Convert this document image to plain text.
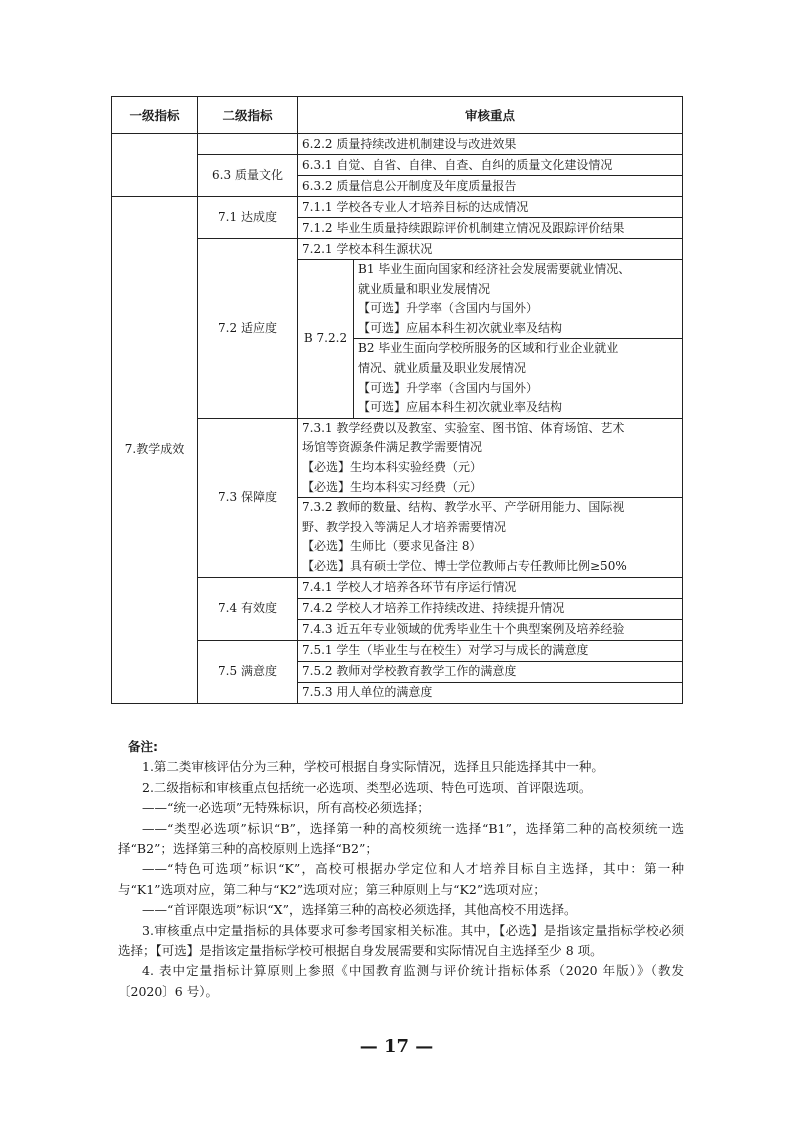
一级指标	二级指标	审核重点	
		6.2.2 质量持续改进机制建设与改进效果	
	6.3 质量文化	6.3.1 自觉、自省、自律、自查、自纠的质量文化建设情况	
		6.3.2 质量信息公开制度及年度质量报告	
7.教学成效	7.1 达成度	7.1.1 学校各专业人才培养目标的达成情况	
		7.1.2 毕业生质量持续跟踪评价机制建立情况及跟踪评价结果	
	7.2 适应度	7.2.1 学校本科生源状况	
		B 7.2.2	B1 毕业生面向国家和经济社会发展需要就业情况、
就业质量和职业发展情况
【可选】升学率（含国内与国外）
【可选】应届本科生初次就业率及结构

			B2 毕业生面向学校所服务的区域和行业企业就业
情况、就业质量及职业发展情况
【可选】升学率（含国内与国外）
【可选】应届本科生初次就业率及结构

	7.3 保障度	7.3.1 教学经费以及教室、实验室、图书馆、体育场馆、艺术
场馆等资源条件满足教学需要情况
【必选】生均本科实验经费（元）
【必选】生均本科实习经费（元）	

		7.3.2 教师的数量、结构、教学水平、产学研用能力、国际视
野、教学投入等满足人才培养需要情况
【必选】生师比（要求见备注 8）
【必选】具有硕士学位、博士学位教师占专任教师比例≥50%	

	7.4 有效度	7.4.1 学校人才培养各环节有序运行情况	
		7.4.2 学校人才培养工作持续改进、持续提升情况	
		7.4.3 近五年专业领域的优秀毕业生十个典型案例及培养经验	
	7.5 满意度	7.5.1 学生（毕业生与在校生）对学习与成长的满意度	
		7.5.2 教师对学校教育教学工作的满意度	
		7.5.3 用人单位的满意度	

备注:

1.第二类审核评估分为三种，学校可根据自身实际情况，选择且只能选择其中一种。

2.二级指标和审核重点包括统一必选项、类型必选项、特色可选项、首评限选项。

——“统一必选项”无特殊标识，所有高校必须选择；

——“类型必选项”标识“B”，选择第一种的高校须统一选择“B1”，选择第二种的高校须统一选择“B2”；选择第三种的高校原则上选择“B2”；

——“特色可选项”标识“K”，高校可根据办学定位和人才培养目标自主选择，其中：第一种与“K1”选项对应，第二种与“K2”选项对应；第三种原则上与“K2”选项对应；

——“首评限选项”标识“X”，选择第三种的高校必须选择，其他高校不用选择。

3.审核重点中定量指标的具体要求可参考国家相关标准。其中，【必选】是指该定量指标学校必须选择；【可选】是指该定量指标学校可根据自身发展需要和实际情况自主选择至少 8 项。

4. 表中定量指标计算原则上参照《中国教育监测与评价统计指标体系（2020 年版）》（教发〔2020〕6 号）。

— 17 —
